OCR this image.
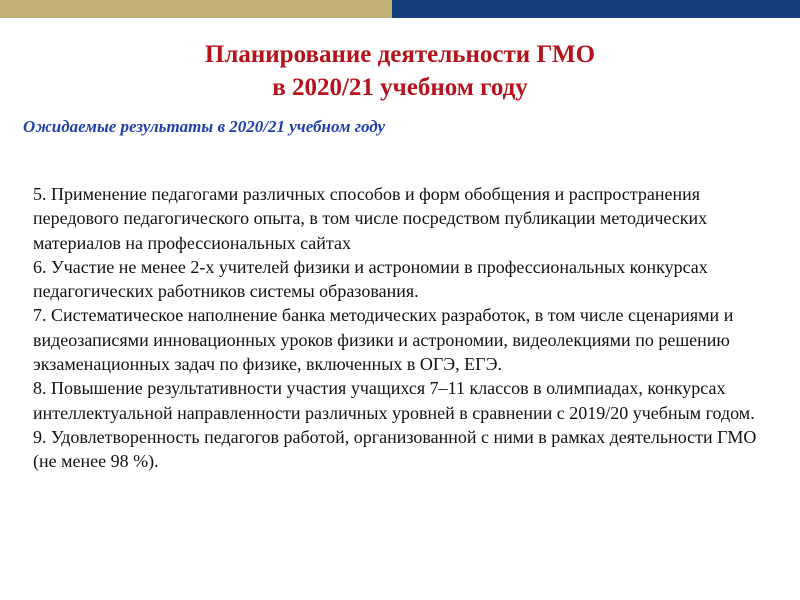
Планирование деятельности ГМО
в 2020/21 учебном году
Ожидаемые результаты в 2020/21 учебном году

5. Применение педагогами различных способов и форм обобщения и распространения передового педагогического опыта, в том числе посредством публикации методических материалов на профессиональных сайтах

6. Участие не менее 2-х учителей физики и астрономии в профессиональных конкурсах педагогических работников системы образования.

7. Систематическое наполнение банка методических разработок, в том числе сценариями и видеозаписями инновационных уроков физики и астрономии, видеолекциями по решению экзаменационных задач по физике, включенных в ОГЭ, ЕГЭ.

8. Повышение результативности участия учащихся 7–11 классов в олимпиадах, конкурсах интеллектуальной направленности различных уровней в сравнении с 2019/20 учебным годом.

9. Удовлетворенность педагогов работой, организованной с ними в рамках деятельности ГМО (не менее 98 %).
